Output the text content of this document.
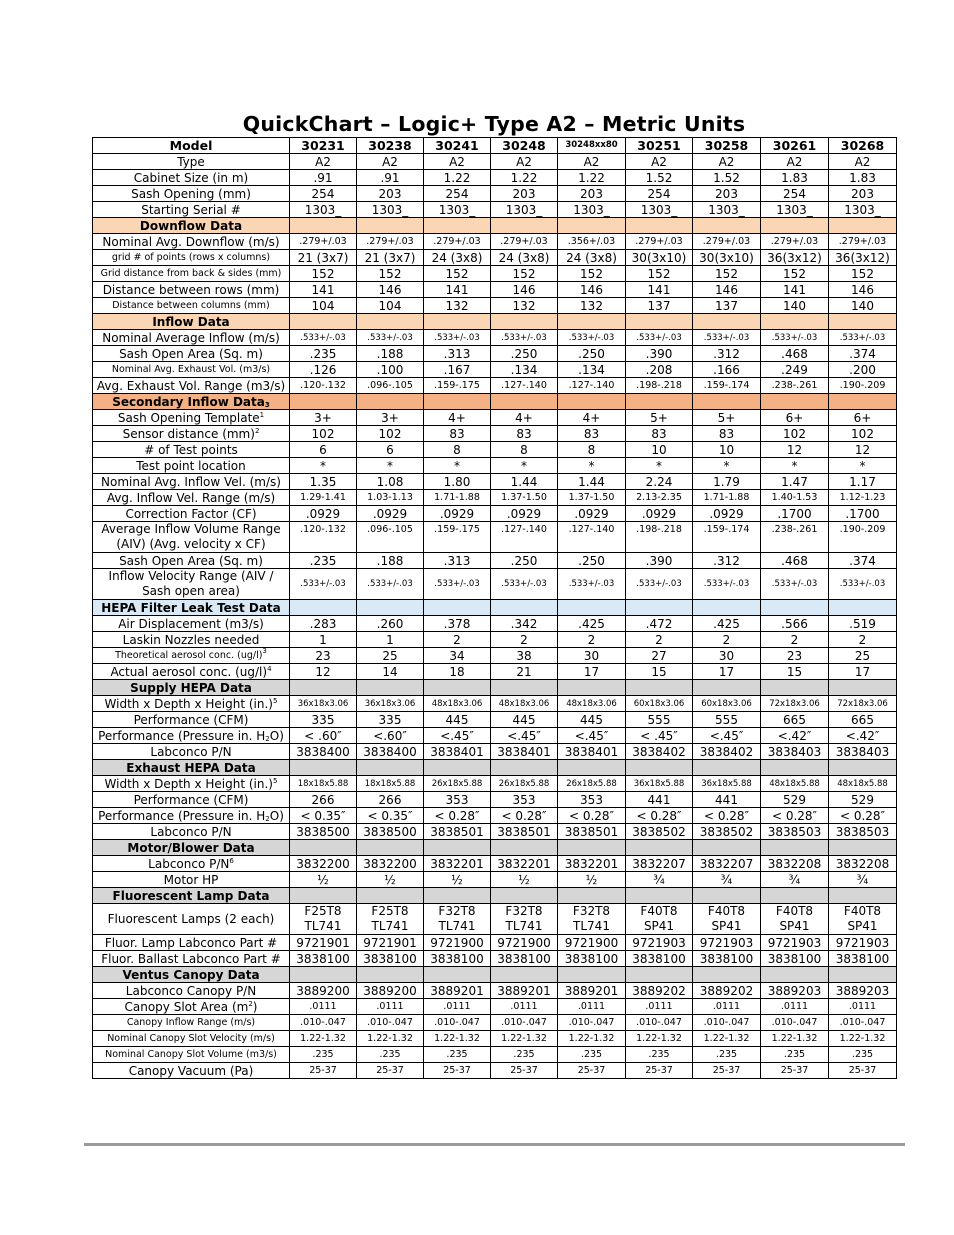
QuickChart – Logic+ Type A2 – Metric Units
Model	30231	30238	30241	30248	30248xx80	30251	30258	30261	30268
Type	A2	A2	A2	A2	A2	A2	A2	A2	A2
Cabinet Size (in m)	.91	.91	1.22	1.22	1.22	1.52	1.52	1.83	1.83
Sash Opening (mm)	254	203	254	203	203	254	203	254	203
Starting Serial #	1303_	1303_	1303_	1303_	1303_	1303_	1303_	1303_	1303_
Downflow Data									
Nominal Avg. Downflow (m/s)	.279+/.03	.279+/.03	.279+/.03	.279+/.03	.356+/.03	.279+/.03	.279+/.03	.279+/.03	.279+/.03
grid # of points (rows x columns)	21 (3x7)	21 (3x7)	24 (3x8)	24 (3x8)	24 (3x8)	30(3x10)	30(3x10)	36(3x12)	36(3x12)
Grid distance from back & sides (mm)	152	152	152	152	152	152	152	152	152
Distance between rows (mm)	141	146	141	146	146	141	146	141	146
Distance between columns (mm)	104	104	132	132	132	137	137	140	140
Inflow Data									
Nominal Average Inflow (m/s)	.533+/-.03	.533+/-.03	.533+/-.03	.533+/-.03	.533+/-.03	.533+/-.03	.533+/-.03	.533+/-.03	.533+/-.03
Sash Open Area (Sq. m)	.235	.188	.313	.250	.250	.390	.312	.468	.374
Nominal Avg. Exhaust Vol. (m3/s)	.126	.100	.167	.134	.134	.208	.166	.249	.200
Avg. Exhaust Vol. Range (m3/s)	.120-.132	.096-.105	.159-.175	.127-.140	.127-.140	.198-.218	.159-.174	.238-.261	.190-.209
Secondary Inflow Data$_3$									
Sash Opening Template$^1$	3+	3+	4+	4+	4+	5+	5+	6+	6+
Sensor distance (mm)$^2$	102	102	83	83	83	83	83	102	102
# of Test points	6	6	8	8	8	10	10	12	12
Test point location	*	*	*	*	*	*	*	*	*
Nominal Avg. Inflow Vel. (m/s)	1.35	1.08	1.80	1.44	1.44	2.24	1.79	1.47	1.17
Avg. Inflow Vel. Range (m/s)	1.29-1.41	1.03-1.13	1.71-1.88	1.37-1.50	1.37-1.50	2.13-2.35	1.71-1.88	1.40-1.53	1.12-1.23
Correction Factor (CF)	.0929	.0929	.0929	.0929	.0929	.0929	.0929	.1700	.1700
Average Inflow Volume Range (AIV) (Avg. velocity x CF)	.120-.132	.096-.105	.159-.175	.127-.140	.127-.140	.198-.218	.159-.174	.238-.261	.190-.209
Sash Open Area (Sq. m)	.235	.188	.313	.250	.250	.390	.312	.468	.374
Inflow Velocity Range (AIV / Sash open area)	.533+/-.03	.533+/-.03	.533+/-.03	.533+/-.03	.533+/-.03	.533+/-.03	.533+/-.03	.533+/-.03	.533+/-.03
HEPA Filter Leak Test Data									
Air Displacement (m3/s)	.283	.260	.378	.342	.425	.472	.425	.566	.519
Laskin Nozzles needed	1	1	2	2	2	2	2	2	2
Theoretical aerosol conc. $(ug/l)^3$	23	25	34	38	30	27	30	23	25
Actual aerosol conc. $(ug/l)^4$	12	14	18	21	17	15	17	15	17
Supply HEPA Data									
Width x Depth x Height $(in.)^5$	36x18x3.06	36x18x3.06	48x18x3.06	48x18x3.06	48x18x3.06	60x18x3.06	60x18x3.06	72x18x3.06	72x18x3.06
Performance (CFM)	335	335	445	445	445	555	555	665	665
Performance (Pressure in. $H_2O$)	< .60″	<.60″	<.45″	<.45″	<.45″	< .45″	<.45″	<.42″	<.42″
Labconco P/N	3838400	3838400	3838401	3838401	3838401	3838402	3838402	3838403	3838403
Exhaust HEPA Data									
Width x Depth x Height $(in.)^5$	18x18x5.88	18x18x5.88	26x18x5.88	26x18x5.88	26x18x5.88	36x18x5.88	36x18x5.88	48x18x5.88	48x18x5.88
Performance (CFM)	266	266	353	353	353	441	441	529	529
Performance (Pressure in. $H_2O$)	< 0.35″	< 0.35″	< 0.28″	< 0.28″	< 0.28″	< 0.28″	< 0.28″	< 0.28″	< 0.28″
Labconco P/N	3838500	3838500	3838501	3838501	3838501	3838502	3838502	3838503	3838503
Motor/Blower Data									
Labconco $P/N^6$	3832200	3832200	3832201	3832201	3832201	3832207	3832207	3832208	3832208
Motor HP	½	½	½	½	½	¾	¾	¾	¾
Fluorescent Lamp Data									
Fluorescent Lamps (2 each)	F25T8 TL741	F25T8 TL741	F32T8 TL741	F32T8 TL741	F32T8 TL741	F40T8 SP41	F40T8 SP41	F40T8 SP41	F40T8 SP41
Fluor. Lamp Labconco Part #	9721901	9721901	9721900	9721900	9721900	9721903	9721903	9721903	9721903
Fluor. Ballast Labconco Part #	3838100	3838100	3838100	3838100	3838100	3838100	3838100	3838100	3838100
Ventus Canopy Data									
Labconco Canopy P/N	3889200	3889200	3889201	3889201	3889201	3889202	3889202	3889203	3889203
Canopy Slot Area $(m^2)$	.0111	.0111	.0111	.0111	.0111	.0111	.0111	.0111	.0111
Canopy Inflow Range (m/s)	.010-.047	.010-.047	.010-.047	.010-.047	.010-.047	.010-.047	.010-.047	.010-.047	.010-.047
Nominal Canopy Slot Velocity (m/s)	1.22-1.32	1.22-1.32	1.22-1.32	1.22-1.32	1.22-1.32	1.22-1.32	1.22-1.32	1.22-1.32	1.22-1.32
Nominal Canopy Slot Volume (m3/s)	.235	.235	.235	.235	.235	.235	.235	.235	.235
Canopy Vacuum (Pa)	25-37	25-37	25-37	25-37	25-37	25-37	25-37	25-37	25-37
